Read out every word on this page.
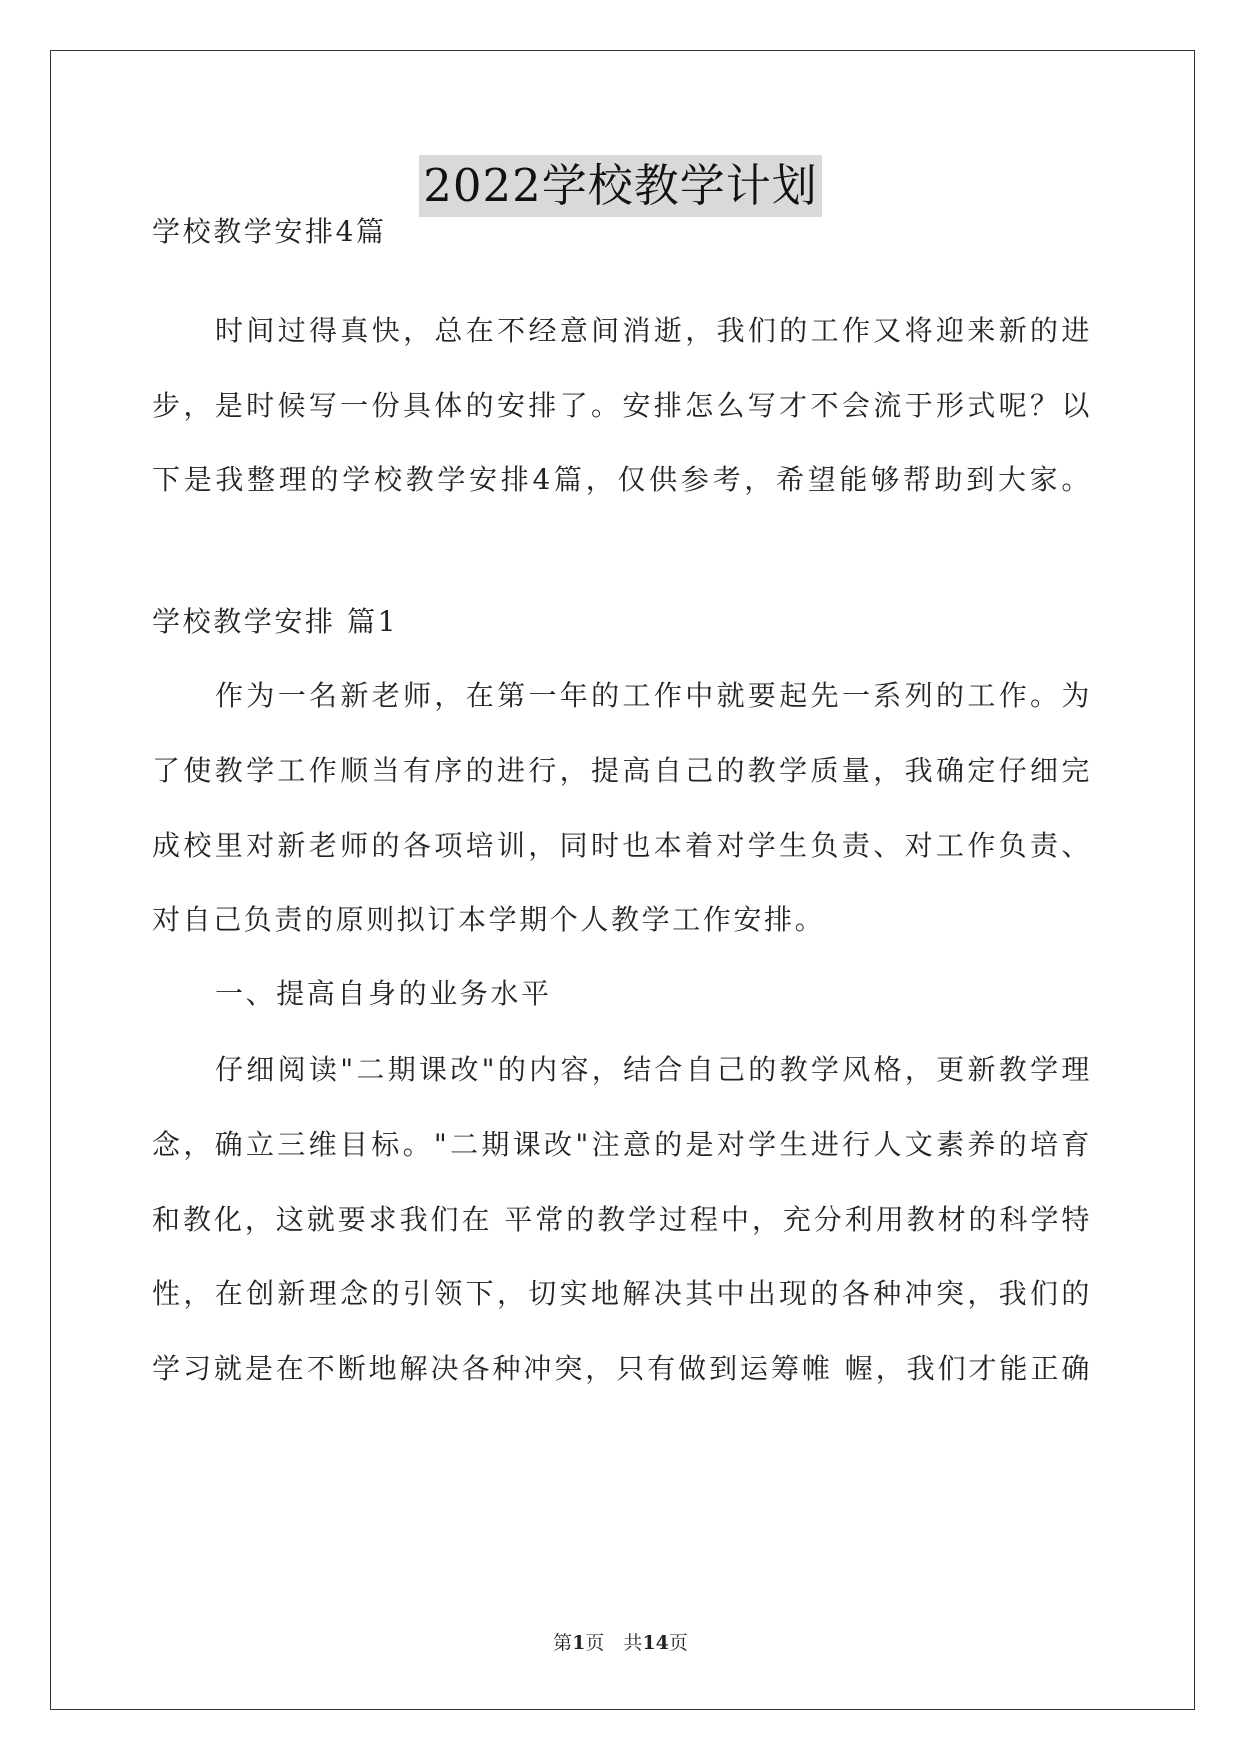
2022学校教学计划
学校教学安排4篇
时间过得真快，总在不经意间消逝，我们的工作又将迎来新的进
步，是时候写一份具体的安排了。安排怎么写才不会流于形式呢？以
下是我整理的学校教学安排4篇，仅供参考，希望能够帮助到大家。
学校教学安排 篇1
作为一名新老师，在第一年的工作中就要起先一系列的工作。为
了使教学工作顺当有序的进行，提高自己的教学质量，我确定仔细完
成校里对新老师的各项培训，同时也本着对学生负责、对工作负责、
对自己负责的原则拟订本学期个人教学工作安排。
一、提高自身的业务水平
仔细阅读"二期课改"的内容，结合自己的教学风格，更新教学理
念，确立三维目标。"二期课改"注意的是对学生进行人文素养的培育
和教化，这就要求我们在 平常的教学过程中，充分利用教材的科学特
性，在创新理念的引领下，切实地解决其中出现的各种冲突，我们的
学习就是在不断地解决各种冲突，只有做到运筹帷 幄，我们才能正确
第1页　共14页
